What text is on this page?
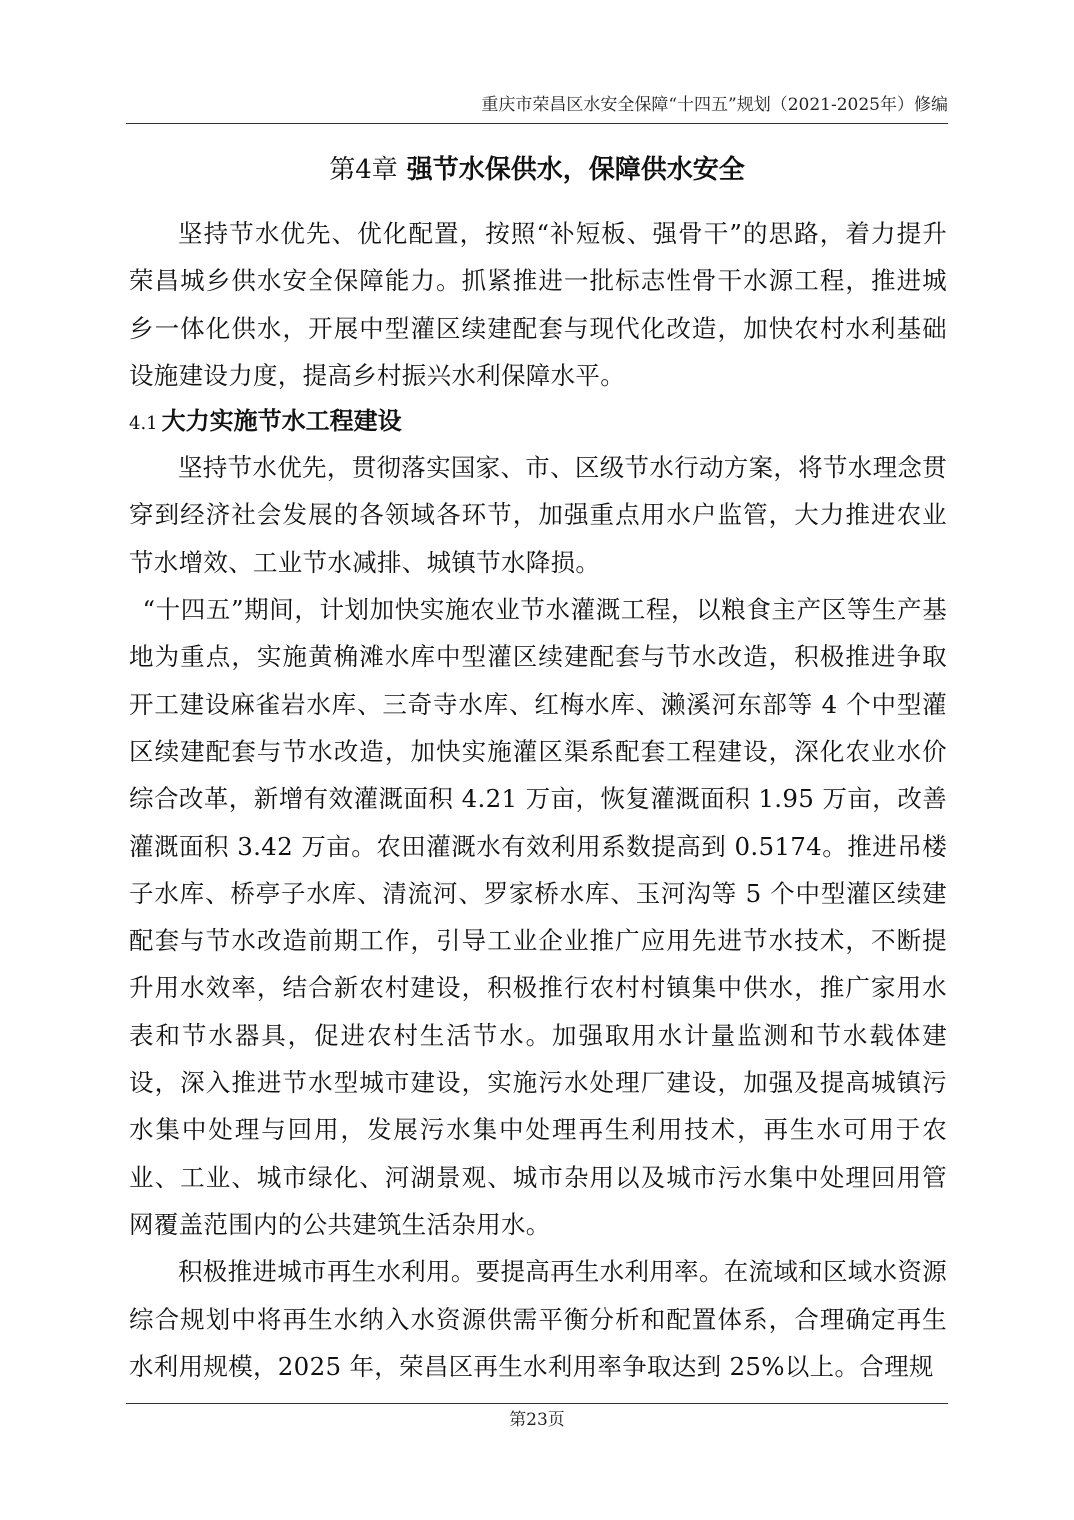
重庆市荣昌区水安全保障“十四五”规划（2021-2025年）修编
第4章 强节水保供水，保障供水安全

坚持节水优先、优化配置，按照“补短板、强骨干”的思路，着力提升荣昌城乡供水安全保障能力。抓紧推进一批标志性骨干水源工程，推进城乡一体化供水，开展中型灌区续建配套与现代化改造，加快农村水利基础设施建设力度，提高乡村振兴水利保障水平。

4.1 大力实施节水工程建设

坚持节水优先，贯彻落实国家、市、区级节水行动方案，将节水理念贯穿到经济社会发展的各领域各环节，加强重点用水户监管，大力推进农业节水增效、工业节水减排、城镇节水降损。

“十四五”期间，计划加快实施农业节水灌溉工程，以粮食主产区等生产基地为重点，实施黄桷滩水库中型灌区续建配套与节水改造，积极推进争取开工建设麻雀岩水库、三奇寺水库、红梅水库、濑溪河东部等 4 个中型灌区续建配套与节水改造，加快实施灌区渠系配套工程建设，深化农业水价综合改革，新增有效灌溉面积 4.21 万亩，恢复灌溉面积 1.95 万亩，改善灌溉面积 3.42 万亩。农田灌溉水有效利用系数提高到 0.5174。推进吊楼子水库、桥亭子水库、清流河、罗家桥水库、玉河沟等 5 个中型灌区续建配套与节水改造前期工作，引导工业企业推广应用先进节水技术，不断提升用水效率，结合新农村建设，积极推行农村村镇集中供水，推广家用水表和节水器具，促进农村生活节水。加强取用水计量监测和节水载体建设，深入推进节水型城市建设，实施污水处理厂建设，加强及提高城镇污水集中处理与回用，发展污水集中处理再生利用技术，再生水可用于农业、工业、城市绿化、河湖景观、城市杂用以及城市污水集中处理回用管网覆盖范围内的公共建筑生活杂用水。

积极推进城市再生水利用。要提高再生水利用率。在流域和区域水资源综合规划中将再生水纳入水资源供需平衡分析和配置体系，合理确定再生水利用规模，2025 年，荣昌区再生水利用率争取达到 25%以上。合理规

第23页
